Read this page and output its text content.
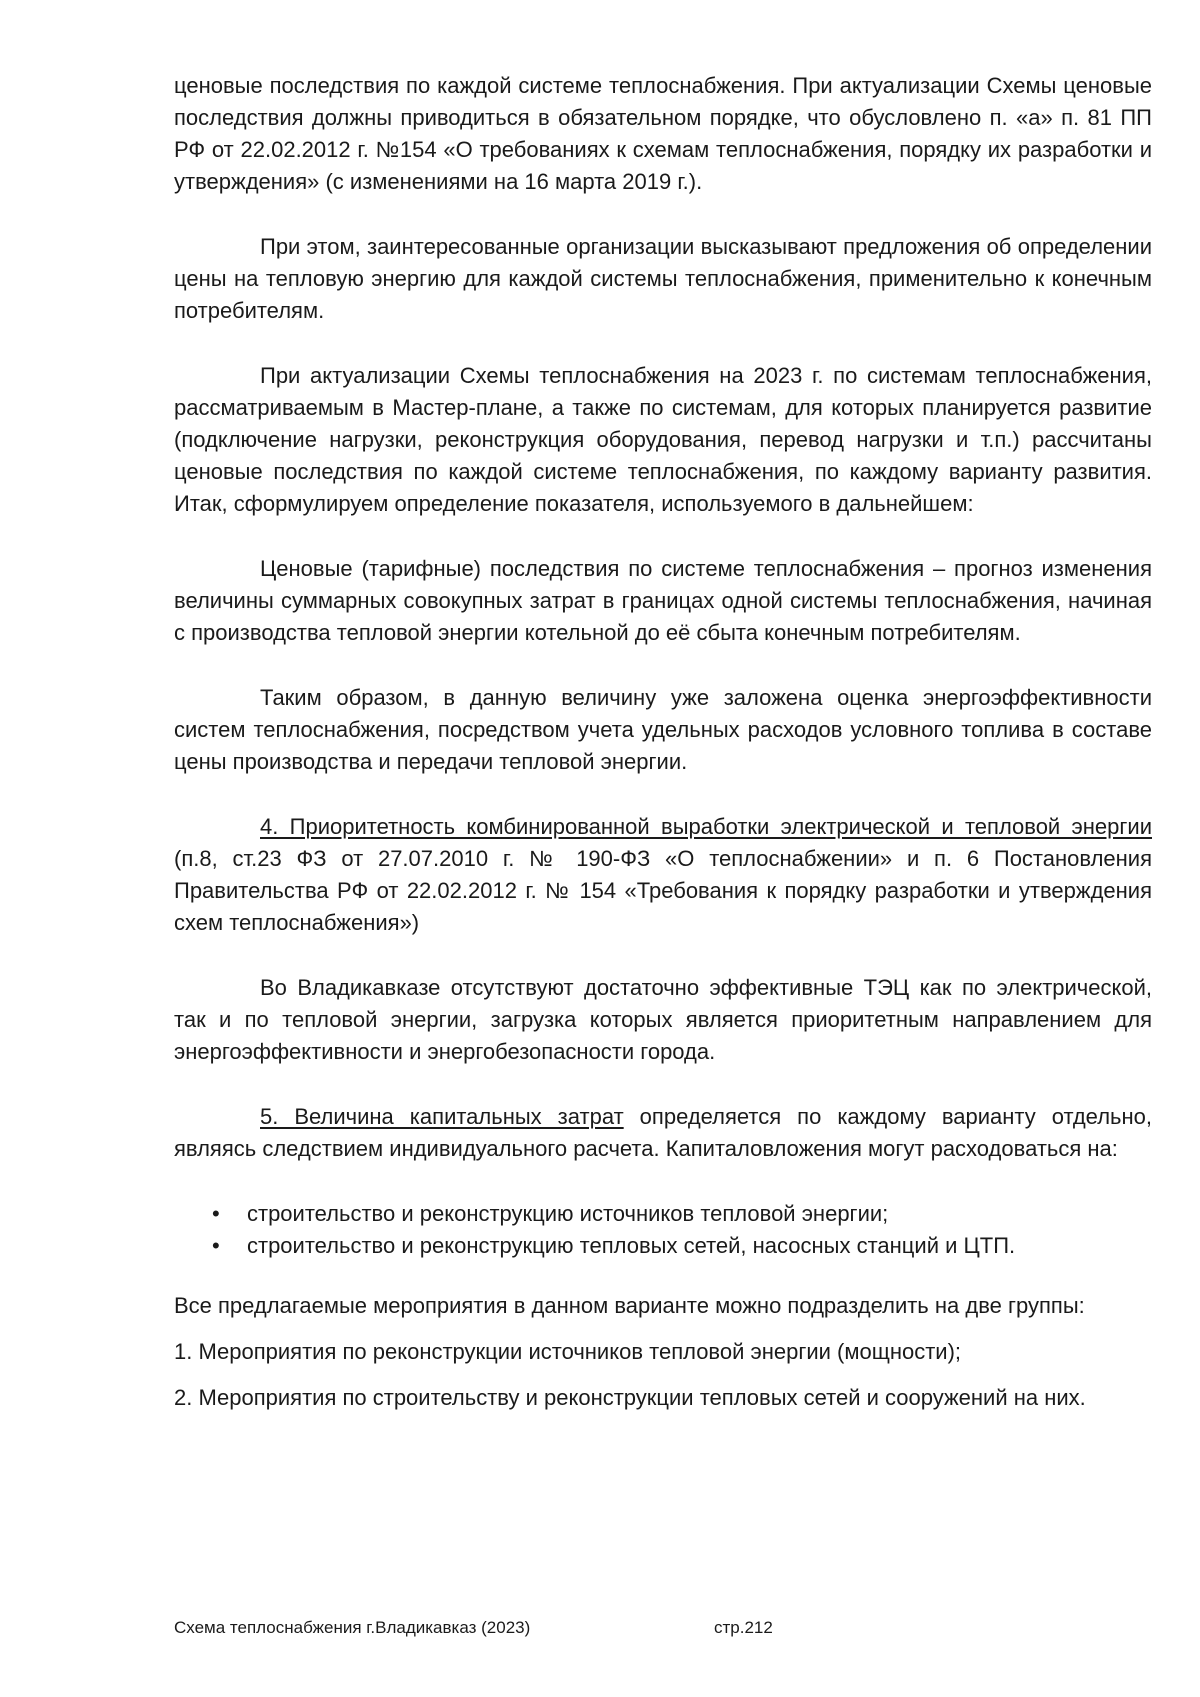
ценовые последствия по каждой системе теплоснабжения. При актуализации Схемы ценовые последствия должны приводиться в обязательном порядке, что обусловлено п. «а» п. 81 ПП РФ от 22.02.2012 г. №154 «О требованиях к схемам теплоснабжения, порядку их разработки и утверждения» (с изменениями на 16 марта 2019 г.).

При этом, заинтересованные организации высказывают предложения об определении цены на тепловую энергию для каждой системы теплоснабжения, применительно к конечным потребителям.

При актуализации Схемы теплоснабжения на 2023 г. по системам теплоснабжения, рассматриваемым в Мастер-плане, а также по системам, для которых планируется развитие (подключение нагрузки, реконструкция оборудования, перевод нагрузки и т.п.) рассчитаны ценовые последствия по каждой системе теплоснабжения, по каждому варианту развития. Итак, сформулируем определение показателя, используемого в дальнейшем:

Ценовые (тарифные) последствия по системе теплоснабжения – прогноз изменения величины суммарных совокупных затрат в границах одной системы теплоснабжения, начиная с производства тепловой энергии котельной до её сбыта конечным потребителям.

Таким образом, в данную величину уже заложена оценка энергоэффективности систем теплоснабжения, посредством учета удельных расходов условного топлива в составе цены производства и передачи тепловой энергии.

4. Приоритетность комбинированной выработки электрической и тепловой энергии (п.8, ст.23 ФЗ от 27.07.2010 г. № 190-ФЗ «О теплоснабжении» и п. 6 Постановления Правительства РФ от 22.02.2012 г. № 154 «Требования к порядку разработки и утверждения схем теплоснабжения»)

Во Владикавказе отсутствуют достаточно эффективные ТЭЦ как по электрической, так и по тепловой энергии, загрузка которых является приоритетным направлением для энергоэффективности и энергобезопасности города.

5. Величина капитальных затрат определяется по каждому варианту отдельно, являясь следствием индивидуального расчета. Капиталовложения могут расходоваться на:

• строительство и реконструкцию источников тепловой энергии;
• строительство и реконструкцию тепловых сетей, насосных станций и ЦТП.

Все предлагаемые мероприятия в данном варианте можно подразделить на две группы:

1. Мероприятия по реконструкции источников тепловой энергии (мощности);

2. Мероприятия по строительству и реконструкции тепловых сетей и сооружений на них.

Схема теплоснабжения г.Владикавказ (2023)	стр.212
